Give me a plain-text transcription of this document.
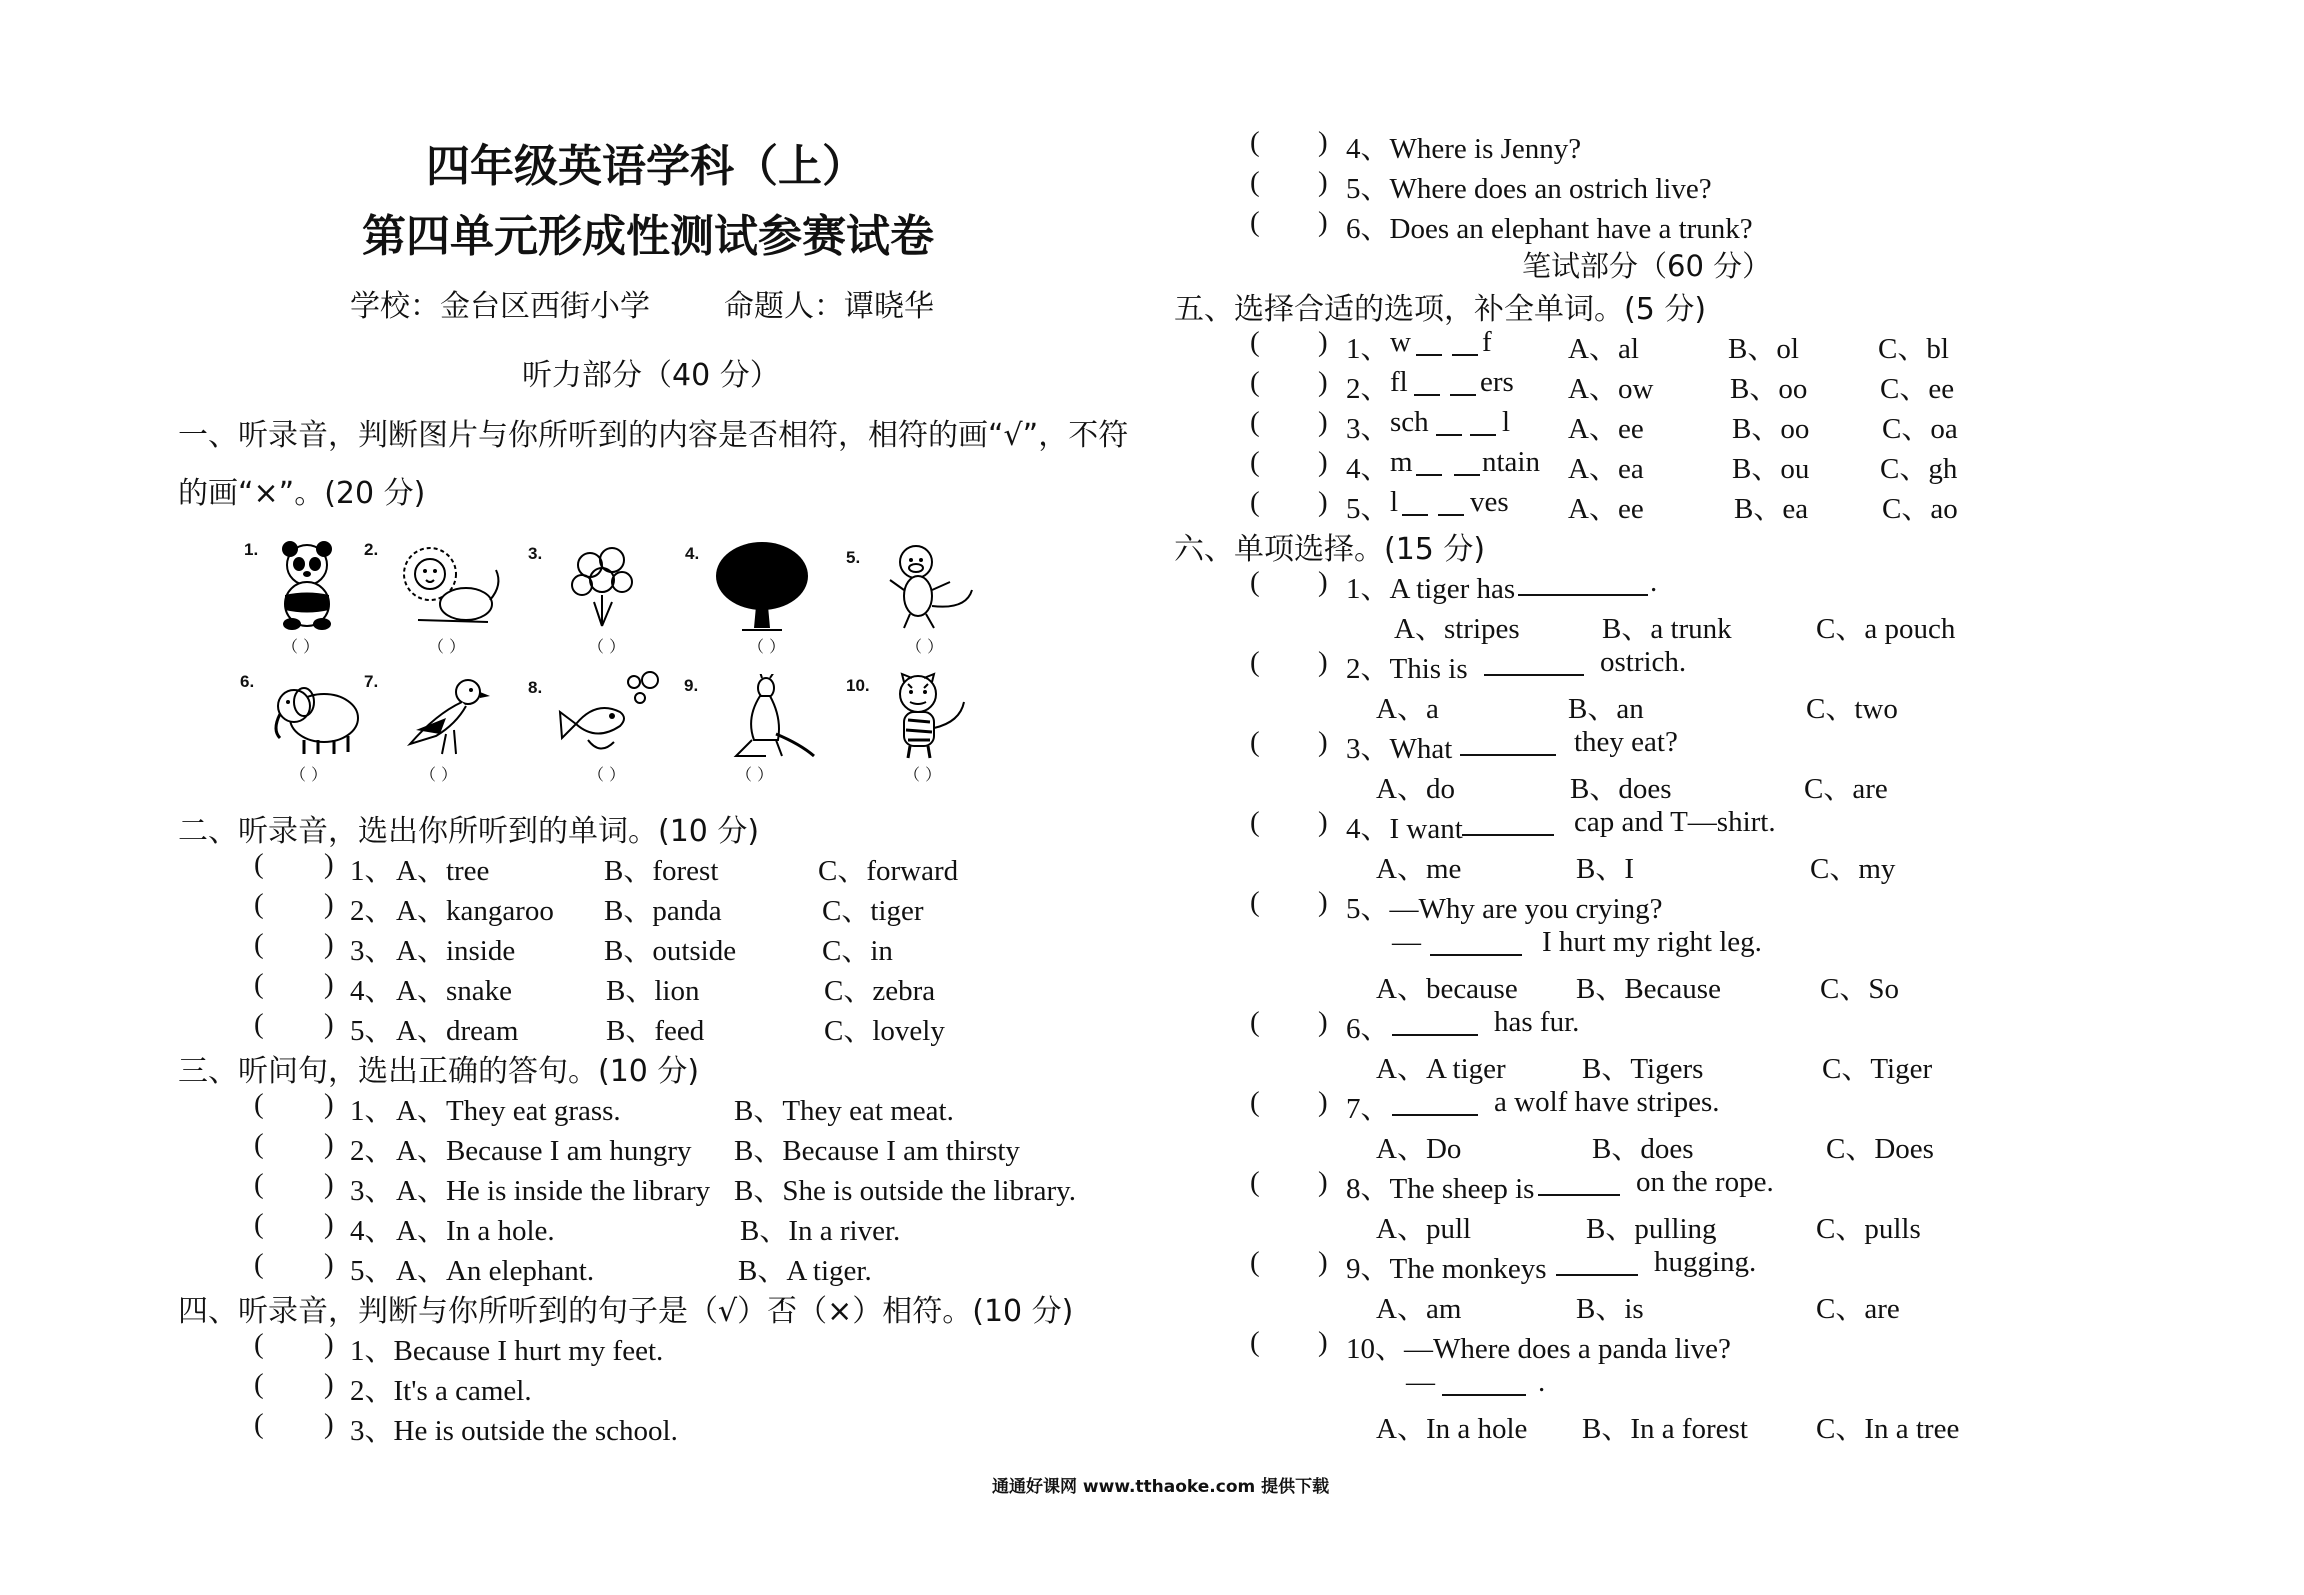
四年级英语学科（上）
第四单元形成性测试参赛试卷
学校：金台区西街小学 命题人：谭晓华
听力部分（40 分）
一、听录音，判断图片与你所听到的内容是否相符，相符的画“√”，不符
的画“×”。(20 分)
1.	2.	3.	4.	5.
（ ）	（ ）	（ ）	（ ）	（ ）
6.	7.	8.	9.	10.
（ ）	（ ）	（ ）	（ ）	（ ）
二、听录音，选出你所听到的单词。(10 分)
( ) 1、 A、tree	B、forest	C、forward
( ) 2、 A、kangaroo B、panda	C、tiger
( ) 3、 A、inside	B、outside	C、in
( ) 4、 A、snake	B、lion	C、zebra
( ) 5、 A、dream	B、feed	C、lovely
三、听问句，选出正确的答句。(10 分)
( ) 1、 A、They eat grass.	B、They eat meat.
( ) 2、 A、Because I am hungry B、Because I am thirsty
( ) 3、 A、He is inside the library B、She is outside the library.
( ) 4、 A、In a hole.	B、In a river.
( ) 5、 A、An elephant.	B、A tiger.
四、听录音，判断与你所听到的句子是（√）否（×）相符。(10 分)
( ) 1、Because I hurt my feet.
( ) 2、It's a camel.
( ) 3、He is outside the school.
( ) 4、Where is Jenny?
( ) 5、Where does an ostrich live?
( ) 6、Does an elephant have a trunk?
笔试部分（60 分）
五、选择合适的选项，补全单词。(5 分)
( ) 1、 w f	A、al	B、ol	C、bl
( ) 2、 fl ers A、ow	B、oo	C、ee
( ) 3、 sch	l A、ee	B、oo	C、oa
( ) 4、 m ntain A、ea	B、ou C、gh
( ) 5、 l ves A、ee	B、ea	C、ao
六、单项选择。(15 分)
( ) 1、A tiger has	.
A、stripes	B、a trunk	C、a pouch
( ) 2、This is	ostrich.
A、a	B、an	C、two
( ) 3、What	they eat?
A、do	B、does	C、are
( ) 4、I want	cap and T—shirt.
A、me	B、I	C、my
( ) 5、—Why are you crying?
—	I hurt my right leg.
A、because B、Because	C、So
( ) 6、	has fur.
A、A tiger	B、Tigers	C、Tiger
( ) 7、	a wolf have stripes.
A、Do	B、does	C、Does
( ) 8、The sheep is	on the rope.
A、pull	B、pulling	C、pulls
( ) 9、The monkeys	hugging.
A、am	B、is	C、are
( ) 10、—Where does a panda live?
—	.
A、In a hole B、In a forest C、In a tree
通通好课网 www.tthaoke.com 提供下载
